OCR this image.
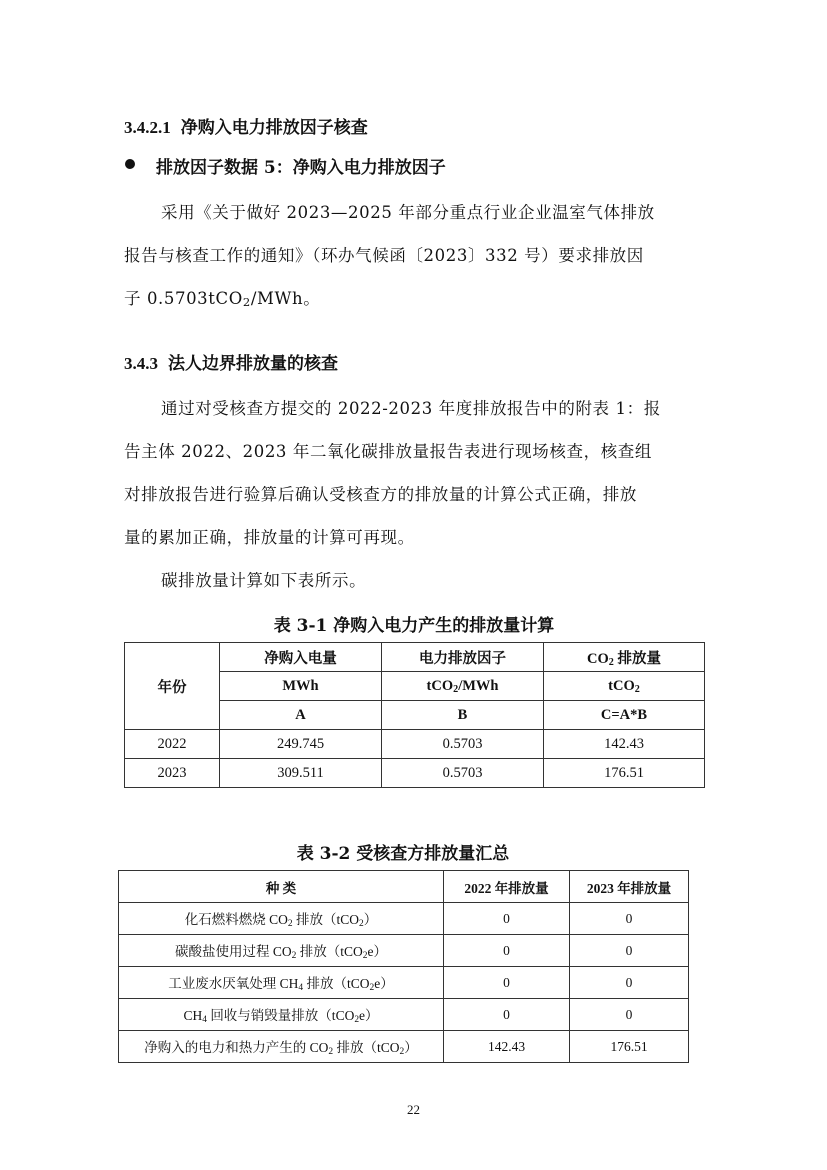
3.4.2.1 净购入电力排放因子核查
排放因子数据 5：净购入电力排放因子
采用《关于做好 2023—2025 年部分重点行业企业温室气体排放
报告与核查工作的通知》（环办气候函〔2023〕332 号）要求排放因
子 0.5703tCO$_2$/MWh。
3.4.3 法人边界排放量的核查
通过对受核查方提交的 2022-2023 年度排放报告中的附表 1：报
告主体 2022、2023 年二氧化碳排放量报告表进行现场核查，核查组
对排放报告进行验算后确认受核查方的排放量的计算公式正确，排放
量的累加正确，排放量的计算可再现。
碳排放量计算如下表所示。
表 3-1 净购入电力产生的排放量计算
年份	净购入电量	电力排放因子	$CO_2$ 排放量
	MWh	tCO$_2$/MWh	tCO$_2$
	A	B	C=A*B
2022	249.745	0.5703	142.43
2023	309.511	0.5703	176.51
表 3-2 受核查方排放量汇总
种 类	2022 年排放量	2023 年排放量
化石燃料燃烧 $CO_2$ 排放（tCO$_2$）	0	0
碳酸盐使用过程 $CO_2$ 排放（tCO$_2$e）	0	0
工业废水厌氧处理 $CH_4$ 排放（tCO$_2$e）	0	0
$CH_4$ 回收与销毁量排放（tCO$_2$e）	0	0
净购入的电力和热力产生的 $CO_2$ 排放（tCO$_2$）	142.43	176.51
22
